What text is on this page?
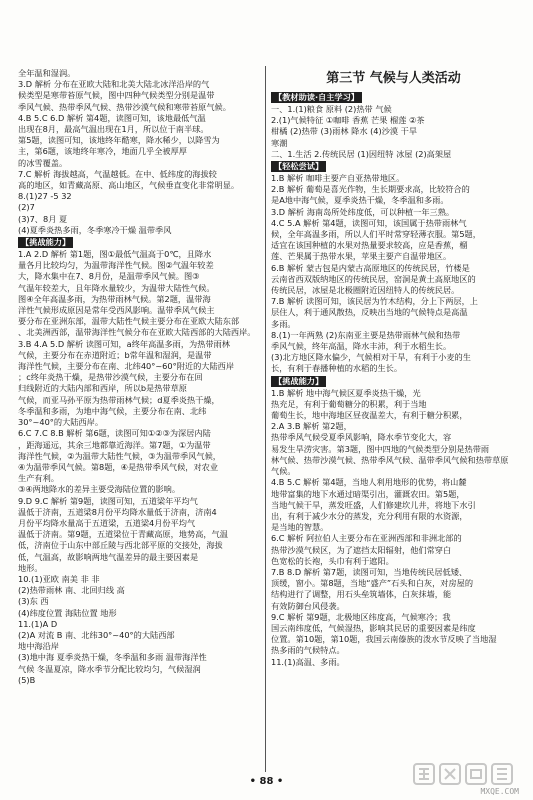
全年温和湿润。
3.D 解析 分布在亚欧大陆和北美大陆北冰洋沿岸的气
候类型是寒带苔原气候，图中四种气候类型分别是温带
季风气候、热带季风气候、热带沙漠气候和寒带苔原气候。
4.B 5.C 6.D 解析 第4题，读图可知，该地最低气温
出现在8月，最高气温出现在1月，所以位于南半球。
第5题，读图可知，该地终年酷寒，降水稀少，以降雪为
主，第6题，该地终年寒冷，地面几乎全被厚厚
的冰雪覆盖。
7.C 解析 海拔越高，气温越低。在中、低纬度的海拔较
高的地区，如青藏高原、高山地区，气候垂直变化非常明显。
8.(1)27 -5 32
(2)7
(3)7、8月 夏
(4)夏季炎热多雨，冬季寒冷干燥 温带季风
【挑战能力】
1.A 2.D 解析 第1题，图①最低气温高于0℃，且降水
量各月比较均匀，为温带海洋性气候。图②气温年较差
大，降水集中在7、8月份，是温带季风气候。图③
气温年较差大，且年降水量较少，为温带大陆性气候。
图④全年高温多雨，为热带雨林气候。第2题，温带海
洋性气候形成原因是常年受西风影响。温带季风气候主
要分布在亚洲东部，温带大陆性气候主要分布在亚欧大陆东部
、北美洲西部，温带海洋性气候分布在亚欧大陆西部的大陆西岸。
3.B 4.A 5.D 解析 读图可知，a终年高温多雨，为热带雨林
气候，主要分布在赤道附近；b常年温和湿润，是温带
海洋性气候，主要分布在南、北纬40°~60°附近的大陆西岸
；c终年炎热干燥，是热带沙漠气候，主要分布在回
归线附近的大陆内部和西岸，所以b是热带草原
气候，而亚马孙平原为热带雨林气候；d夏季炎热干燥，
冬季温和多雨，为地中海气候，主要分布在南、北纬
30°~40°的大陆西岸。
6.C 7.C 8.B 解析 第6题，读图可知①②③为深居内陆
，距海遥远，其余三地都靠近海洋。第7题，①为温带
海洋性气候，②为温带大陆性气候，③为温带季风气候，
④为温带季风气候。第8题，④是热带季风气候，对农业
生产有利。
③④两地降水的差异主要受海陆位置的影响。
9.D 9.C 解析 第9题，读图可知，五道梁年平均气
温低于济南，五道梁8月份平均降水量低于济南，济南4
月份平均降水量高于五道梁，五道梁4月份平均气
温低于济南。第9题，五道梁位于青藏高原，地势高，气温
低，济南位于山东中部丘陵与西北部平原的交接处，海拔
低，气温高，故影响两地气温差异的最主要因素是
地形。
10.(1)亚欧 南美 非 非
(2)热带雨林 南、北回归线 高
(3)东 西
(4)纬度位置 海陆位置 地形
11.(1)A D
(2)A 对流 B 南、北纬30°~40°的大陆西部
地中海沿岸
(3)地中海 夏季炎热干燥，冬季温和多雨 温带海洋性
气候 冬温夏凉，降水季节分配比较均匀，气候湿润
(5)B
第三节 气候与人类活动
【教材助读·自主学习】
一、1.(1)粮食 原料 (2)热带 气候
2.(1)气候特征 ①咖啡 香蕉 芒果 榴莲 ②茶
柑橘 (2)热带 (3)雨林 降水 (4)沙漠 干旱
寒潮
二、1.生活 2.传统民居 (1)因纽特 冰屋 (2)高架屋
【轻松尝试】
1.B 解析 咖啡主要产自亚热带地区。
2.B 解析 葡萄是喜光作物，生长期要求高，比较符合的
是A地中海气候，夏季炎热干燥，冬季温和多雨。
3.D 解析 海南岛所处纬度低，可以种植一年三熟。
4.C 5.A 解析 第4题，读图可知，该国属于热带雨林气
候，全年高温多雨，所以人们平时常穿轻薄衣服。第5题，
适宜在该国种植的水果对热量要求较高，应是香蕉，榴
莲、芒果属于热带水果，苹果主要产自温带地区。
6.B 解析 蒙古包是内蒙古高原地区的传统民居，竹楼是
云南省西双版纳地区的传统民居，窑洞是黄土高原地区的
传统民居，冰屋是北极圈附近因纽特人的传统民居。
7.B 解析 读图可知，该民居为竹木结构，分上下两层，上
层住人，利于通风散热，反映出当地的气候特点是高温
多雨。
8.(1)一年两熟 (2)东南亚主要是热带雨林气候和热带
季风气候，终年高温，降水丰沛，利于水稻生长。
(3)北方地区降水偏少，气候相对干旱，有利于小麦的生
长，有利于春播种植的水稻的生长。
【挑战能力】
1.B 解析 地中海气候区夏季炎热干燥，光
热充足，有利于葡萄糖分的积累，利于当地
葡萄生长，地中海地区昼夜温差大，有利于糖分积累，
2.A 3.B 解析 第2题，
热带季风气候受夏季风影响，降水季节变化大，容
易发生旱涝灾害。第3题，图中四地的气候类型分别是热带雨
林气候、热带沙漠气候、热带季风气候、温带季风气候和热带草原
气候。
4.B 5.C 解析 第4题，当地人利用地形的优势，将山麓
地带富集的地下水通过暗渠引出，灌溉农田。第5题，
当地气候干旱，蒸发旺盛，人们修建坎儿井，将地下水引
出，有利于减少水分的蒸发，充分利用有限的水资源，
是当地的智慧。
6.C 解析 阿拉伯人主要分布在亚洲西部和非洲北部的
热带沙漠气候区，为了遮挡太阳辐射，他们常穿白
色宽松的长袍，头巾有利于遮阳。
7.B 8.D 解析 第7题，读图可知，当地传统民居低矮、
顶缓，窗小。第8题，当地“盛产”石头和白灰，对房屋的
结构进行了调整，用石头垒筑墙体，白灰抹墙，能
有效防御台风侵袭。
9.C 解析 第9题，北极地区纬度高，气候寒冷；我
国云南纬度低，气候湿热，影响其民居的重要因素是纬度
位置。第10题，第10题，我国云南傣族的泼水节反映了当地湿
热多雨的气候特点。
11.(1)高温、多雨。
• 88 •
MXQE.COM
